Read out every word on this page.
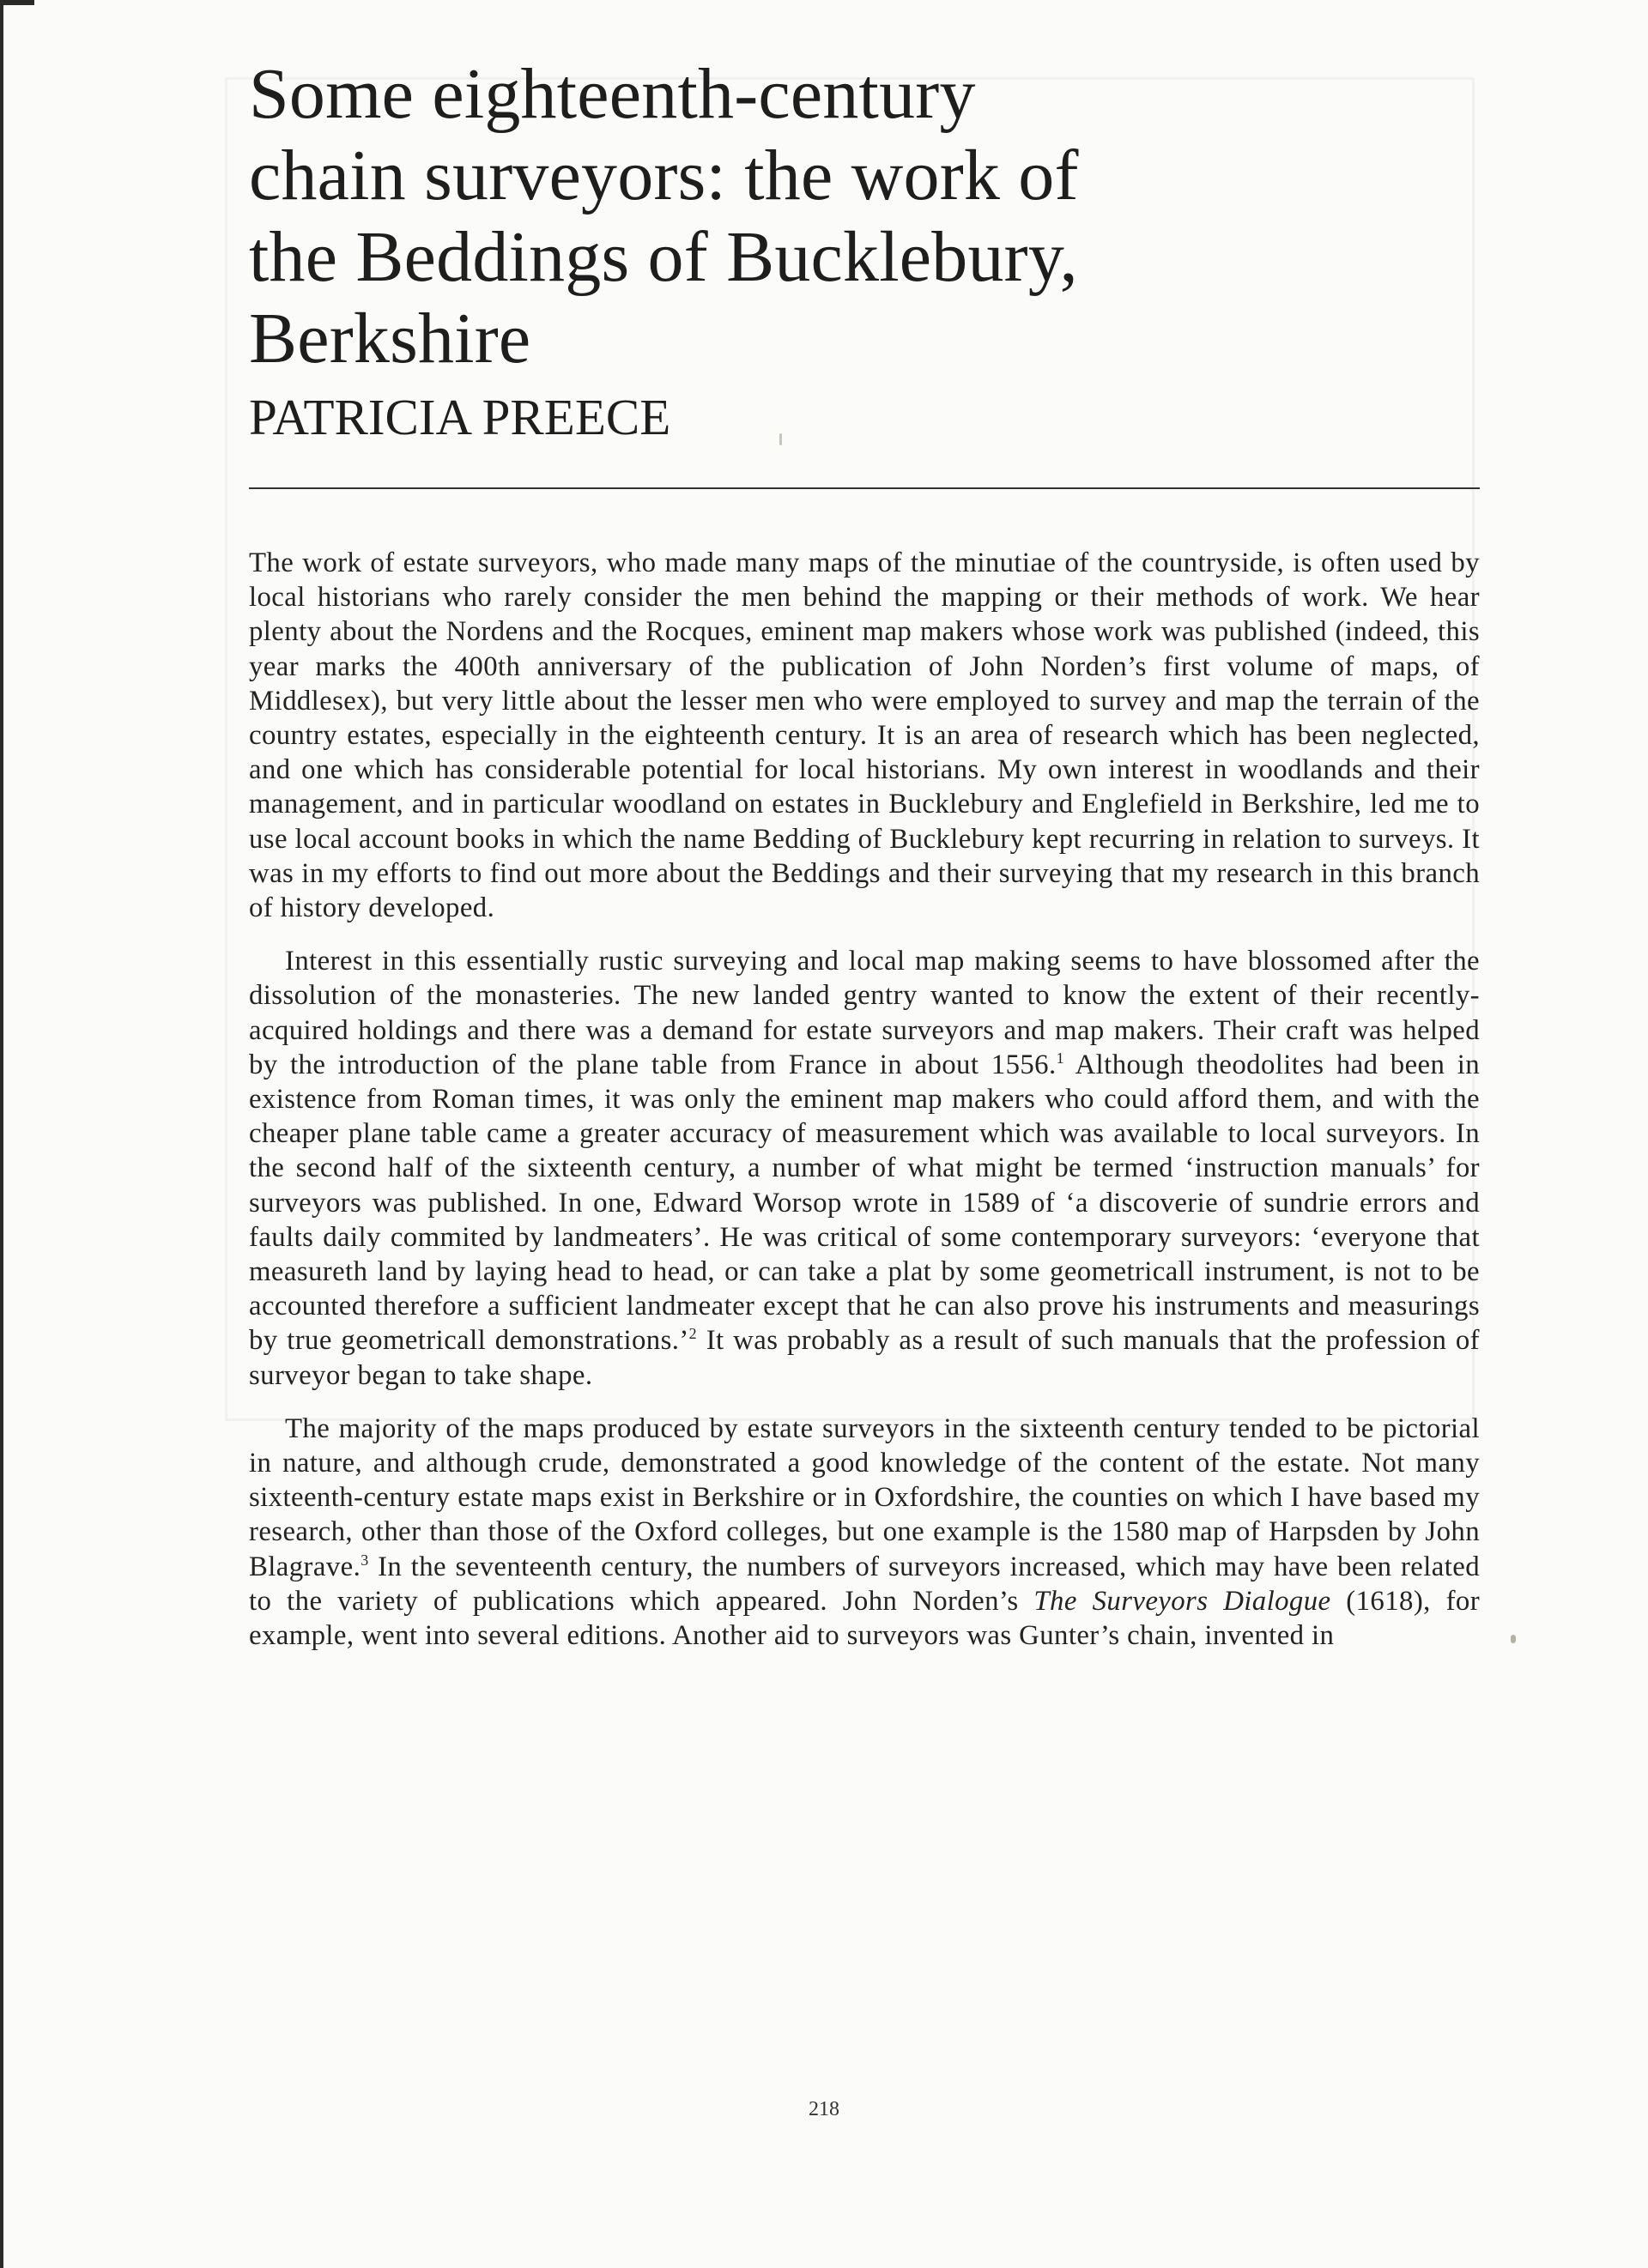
Some eighteenth-century
chain surveyors: the work of
the Beddings of Bucklebury,
Berkshire
PATRICIA PREECE

The work of estate surveyors, who made many maps of the minutiae of the countryside, is often used by local historians who rarely consider the men behind the mapping or their methods of work. We hear plenty about the Nordens and the Rocques, eminent map makers whose work was published (indeed, this year marks the 400th anniversary of the publication of John Norden’s first volume of maps, of Middlesex), but very little about the lesser men who were employed to survey and map the terrain of the country estates, especially in the eighteenth century. It is an area of research which has been neglected, and one which has considerable potential for local historians. My own interest in woodlands and their management, and in particular woodland on estates in Bucklebury and Englefield in Berkshire, led me to use local account books in which the name Bedding of Bucklebury kept recurring in relation to surveys. It was in my efforts to find out more about the Beddings and their surveying that my research in this branch of history developed.

Interest in this essentially rustic surveying and local map making seems to have blossomed after the dissolution of the monasteries. The new landed gentry wanted to know the extent of their recently-acquired holdings and there was a demand for estate surveyors and map makers. Their craft was helped by the introduction of the plane table from France in about 1556.$^1$ Although theodolites had been in existence from Roman times, it was only the eminent map makers who could afford them, and with the cheaper plane table came a greater accuracy of measurement which was available to local surveyors. In the second half of the sixteenth century, a number of what might be termed ‘instruction manuals’ for surveyors was published. In one, Edward Worsop wrote in 1589 of ‘a discoverie of sundrie errors and faults daily commited by landmeaters’. He was critical of some contemporary surveyors: ‘everyone that measureth land by laying head to head, or can take a plat by some geometricall instrument, is not to be accounted therefore a sufficient landmeater except that he can also prove his instruments and measurings by true geometricall demonstrations.’$^2$ It was probably as a result of such manuals that the profession of surveyor began to take shape.

The majority of the maps produced by estate surveyors in the sixteenth century tended to be pictorial in nature, and although crude, demonstrated a good knowledge of the content of the estate. Not many sixteenth-century estate maps exist in Berkshire or in Oxfordshire, the counties on which I have based my research, other than those of the Oxford colleges, but one example is the 1580 map of Harpsden by John Blagrave.$^3$ In the seventeenth century, the numbers of surveyors increased, which may have been related to the variety of publications which appeared. John Norden’s The Surveyors Dialogue (1618), for example, went into several editions. Another aid to surveyors was Gunter’s chain, invented in

218
